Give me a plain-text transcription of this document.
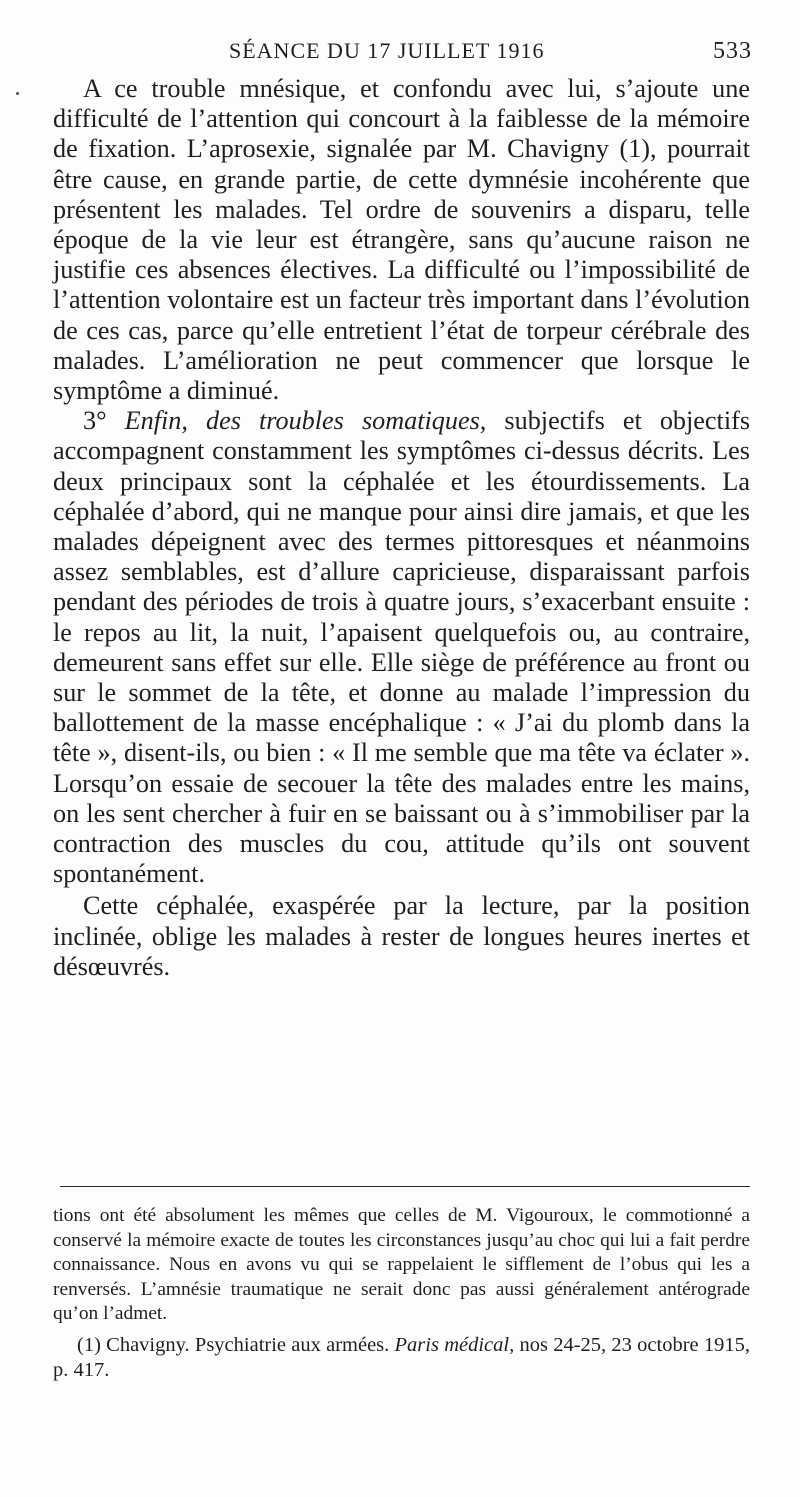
SÉANCE DU 17 JUILLET 1916	533

A ce trouble mnésique, et confondu avec lui, s’ajoute une difficulté de l’attention qui concourt à la faiblesse de la mémoire de fixation. L’aprosexie, signalée par M. Chavigny (1), pourrait être cause, en grande partie, de cette dymnésie incohérente que présentent les malades. Tel ordre de souvenirs a disparu, telle époque de la vie leur est étrangère, sans qu’aucune raison ne justifie ces absences électives. La difficulté ou l’impossibilité de l’attention volontaire est un facteur très important dans l’évolution de ces cas, parce qu’elle entretient l’état de torpeur cérébrale des malades. L’amélioration ne peut commencer que lorsque le symptôme a diminué.

3° Enfin, des troubles somatiques, subjectifs et objectifs accompagnent constamment les symptômes ci-dessus décrits. Les deux principaux sont la céphalée et les étourdissements. La céphalée d’abord, qui ne manque pour ainsi dire jamais, et que les malades dépeignent avec des termes pittoresques et néanmoins assez semblables, est d’allure capricieuse, disparaissant parfois pendant des périodes de trois à quatre jours, s’exacerbant ensuite : le repos au lit, la nuit, l’apaisent quelquefois ou, au contraire, demeurent sans effet sur elle. Elle siège de préférence au front ou sur le sommet de la tête, et donne au malade l’impression du ballottement de la masse encéphalique : « J’ai du plomb dans la tête », disent-ils, ou bien : « Il me semble que ma tête va éclater ». Lorsqu’on essaie de secouer la tête des malades entre les mains, on les sent chercher à fuir en se baissant ou à s’immobiliser par la contraction des muscles du cou, attitude qu’ils ont souvent spontanément.

Cette céphalée, exaspérée par la lecture, par la position inclinée, oblige les malades à rester de longues heures inertes et désœuvrés.

tions ont été absolument les mêmes que celles de M. Vigouroux, le commotionné a conservé la mémoire exacte de toutes les circonstances jusqu’au choc qui lui a fait perdre connaissance. Nous en avons vu qui se rappelaient le sifflement de l’obus qui les a renversés. L’amnésie traumatique ne serait donc pas aussi généralement antérograde qu’on l’admet.

(1) Chavigny. Psychiatrie aux armées. Paris médical, nos 24-25, 23 octobre 1915, p. 417.
